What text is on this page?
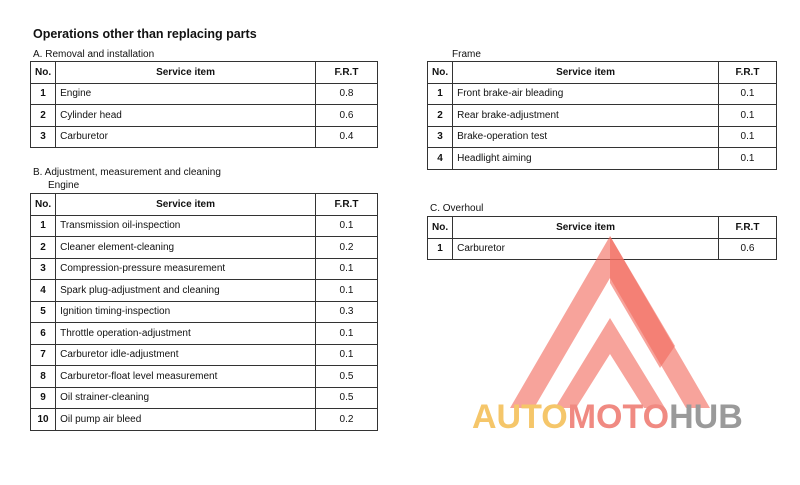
Operations other than replacing parts
A. Removal and installation
No.	Service item	F.R.T
1	Engine	0.8
2	Cylinder head	0.6
3	Carburetor	0.4
B. Adjustment, measurement and cleaning
Engine
No.	Service item	F.R.T
1	Transmission oil-inspection	0.1
2	Cleaner element-cleaning	0.2
3	Compression-pressure measurement	0.1
4	Spark plug-adjustment and cleaning	0.1
5	Ignition timing-inspection	0.3
6	Throttle operation-adjustment	0.1
7	Carburetor idle-adjustment	0.1
8	Carburetor-float level measurement	0.5
9	Oil strainer-cleaning	0.5
10	Oil pump air bleed	0.2
Frame
No.	Service item	F.R.T
1	Front brake-air bleading	0.1
2	Rear brake-adjustment	0.1
3	Brake-operation test	0.1
4	Headlight aiming	0.1
C. Overhoul
No.	Service item	F.R.T
1	Carburetor	0.6
AUTOMOTOHUB
